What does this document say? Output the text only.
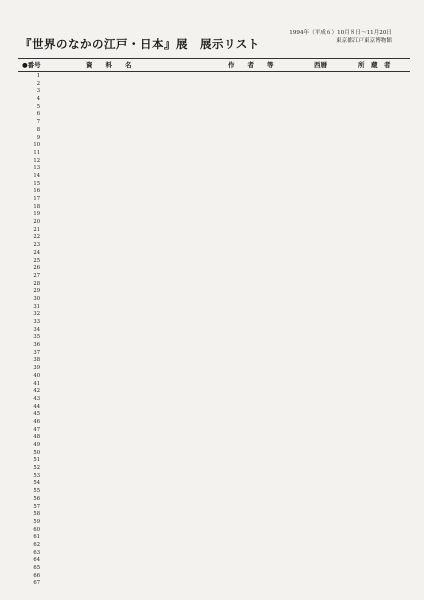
『世界のなかの江戸・日本』展　展示リスト
1994年（平成６）10月８日～11月20日
東京都江戸東京博物館
●番号	資　　料　　名	作　　者　　等	西暦	所　蔵　者
1
2
3
4
5
6
7
8
9
10
11
12
13
14
15
16
17
18
19
20
21
22
23
24
25
26
27
28
29
30
31
32
33
34
35
36
37
38
39
40
41
42
43
44
45
46
47
48
49
50
51
52
53
54
55
56
57
58
59
60
61
62
63
64
65
66
67
